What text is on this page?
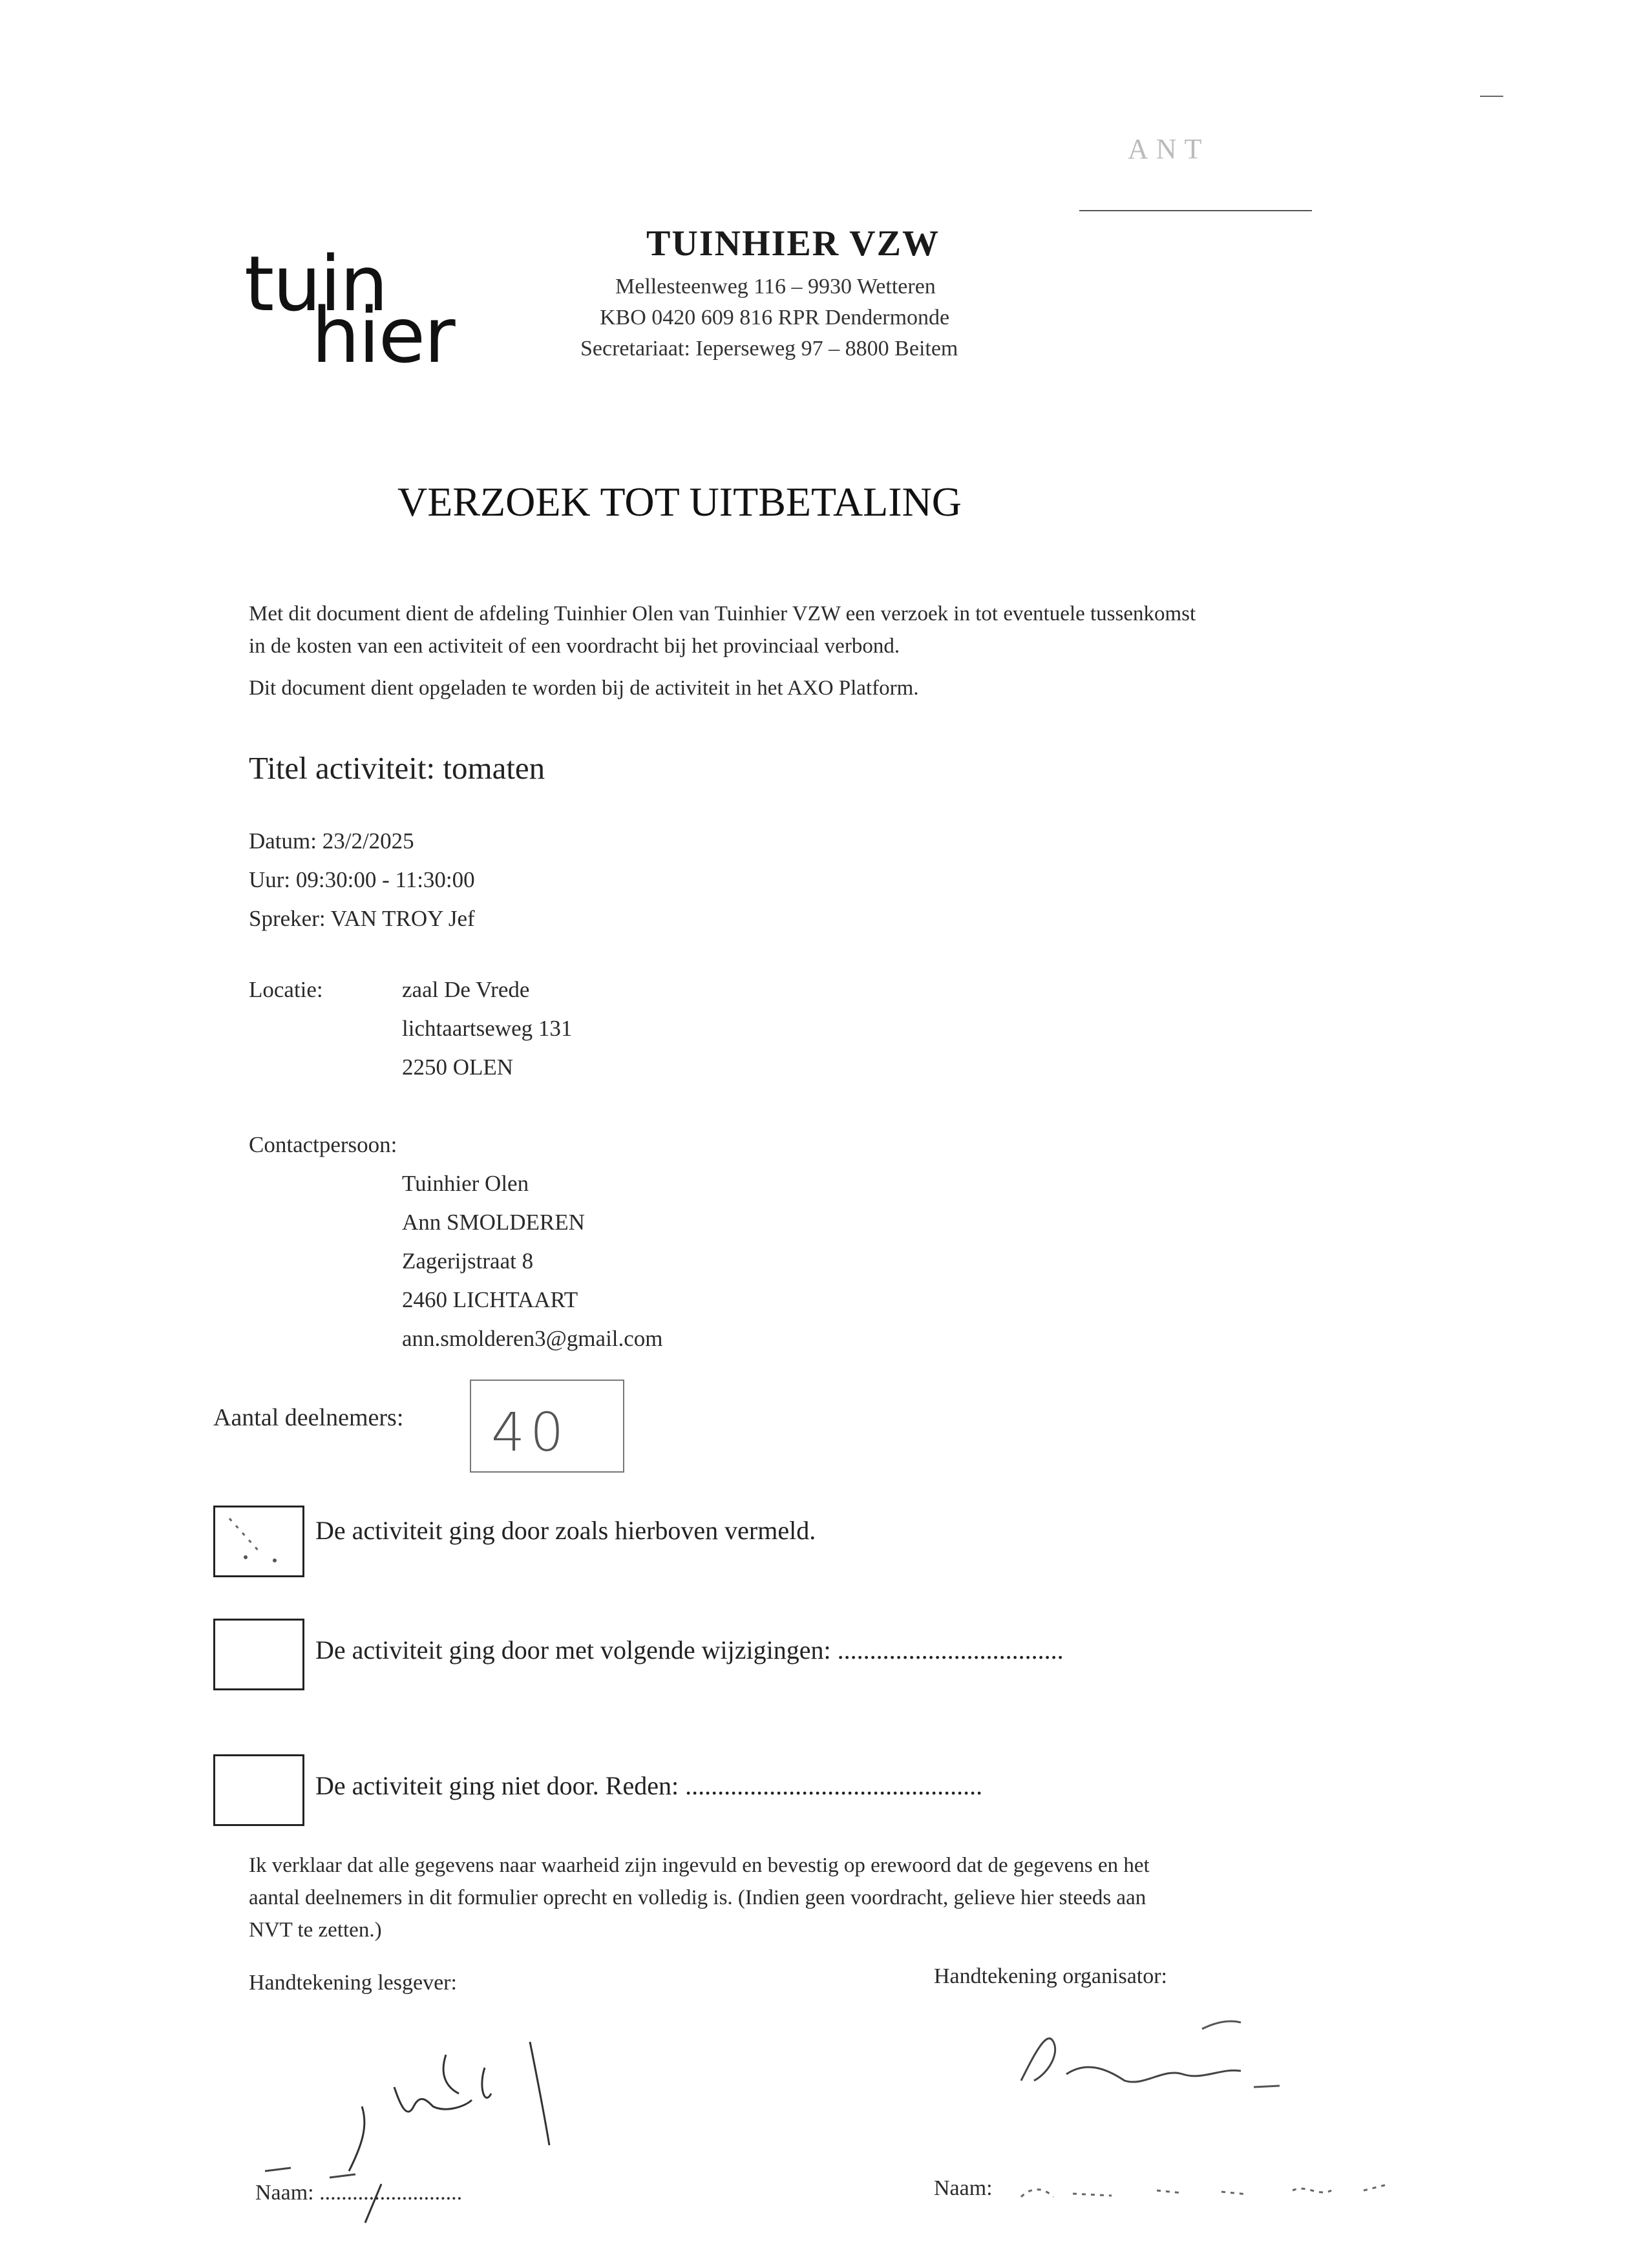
ANT
tuin
hier
TUINHIER VZW
Mellesteenweg 116 – 9930 Wetteren
KBO 0420 609 816 RPR Dendermonde
Secretariaat: Ieperseweg 97 – 8800 Beitem
VERZOEK TOT UITBETALING
Met dit document dient de afdeling Tuinhier Olen van Tuinhier VZW een verzoek in tot eventuele tussenkomst
in de kosten van een activiteit of een voordracht bij het provinciaal verbond.
Dit document dient opgeladen te worden bij de activiteit in het AXO Platform.
Titel activiteit: tomaten
Datum: 23/2/2025
Uur: 09:30:00 - 11:30:00
Spreker: VAN TROY Jef
Locatie:	zaal De Vrede
lichtaartseweg 131
2250 OLEN
Contactpersoon:
Tuinhier Olen
Ann SMOLDEREN
Zagerijstraat 8
2460 LICHTAART
ann.smolderen3@gmail.com
Aantal deelnemers: 40
De activiteit ging door zoals hierboven vermeld.
De activiteit ging door met volgende wijzigingen: ...................................
De activiteit ging niet door. Reden: ..............................................
Ik verklaar dat alle gegevens naar waarheid zijn ingevuld en bevestig op erewoord dat de gegevens en het
aantal deelnemers in dit formulier oprecht en volledig is. (Indien geen voordracht, gelieve hier steeds aan
NVT te zetten.)
Handtekening lesgever:	Handtekening organisator:
Naam: ..........................	Naam:
